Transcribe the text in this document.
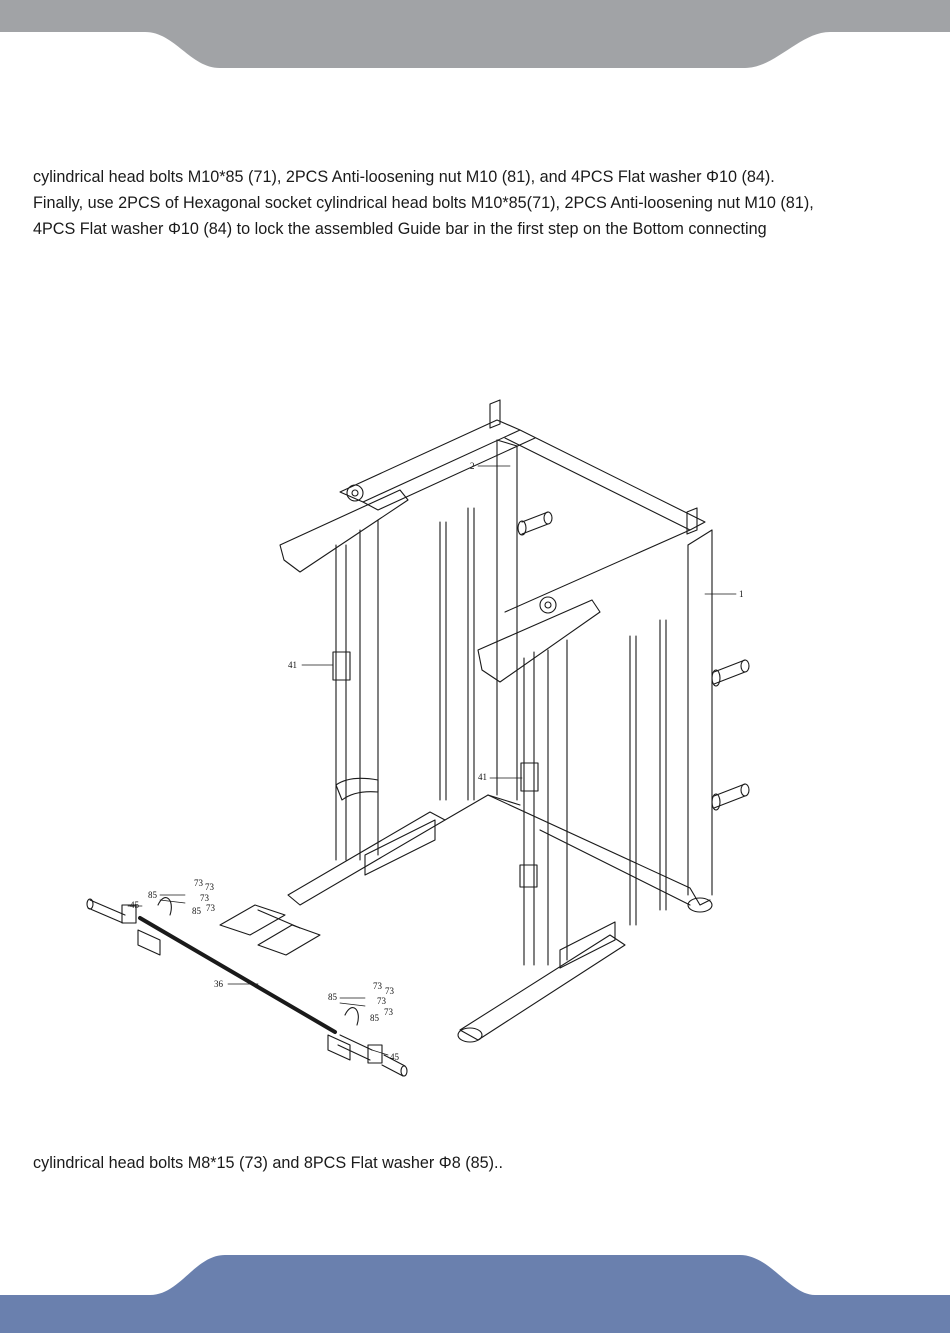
cylindrical head bolts M10*85 (71), 2PCS Anti-loosening nut M10 (81), and 4PCS Flat washer Φ10 (84).

Finally, use 2PCS of Hexagonal socket cylindrical head bolts M10*85(71), 2PCS Anti-loosening nut M10 (81),

4PCS Flat washer Φ10 (84) to lock the assembled Guide bar in the first step on the Bottom connecting

2
1
41
41
36
45
45
85
85
73 73
73
73
85
85
73 73
73
73

cylindrical head bolts M8*15 (73) and 8PCS Flat washer Φ8 (85)..
